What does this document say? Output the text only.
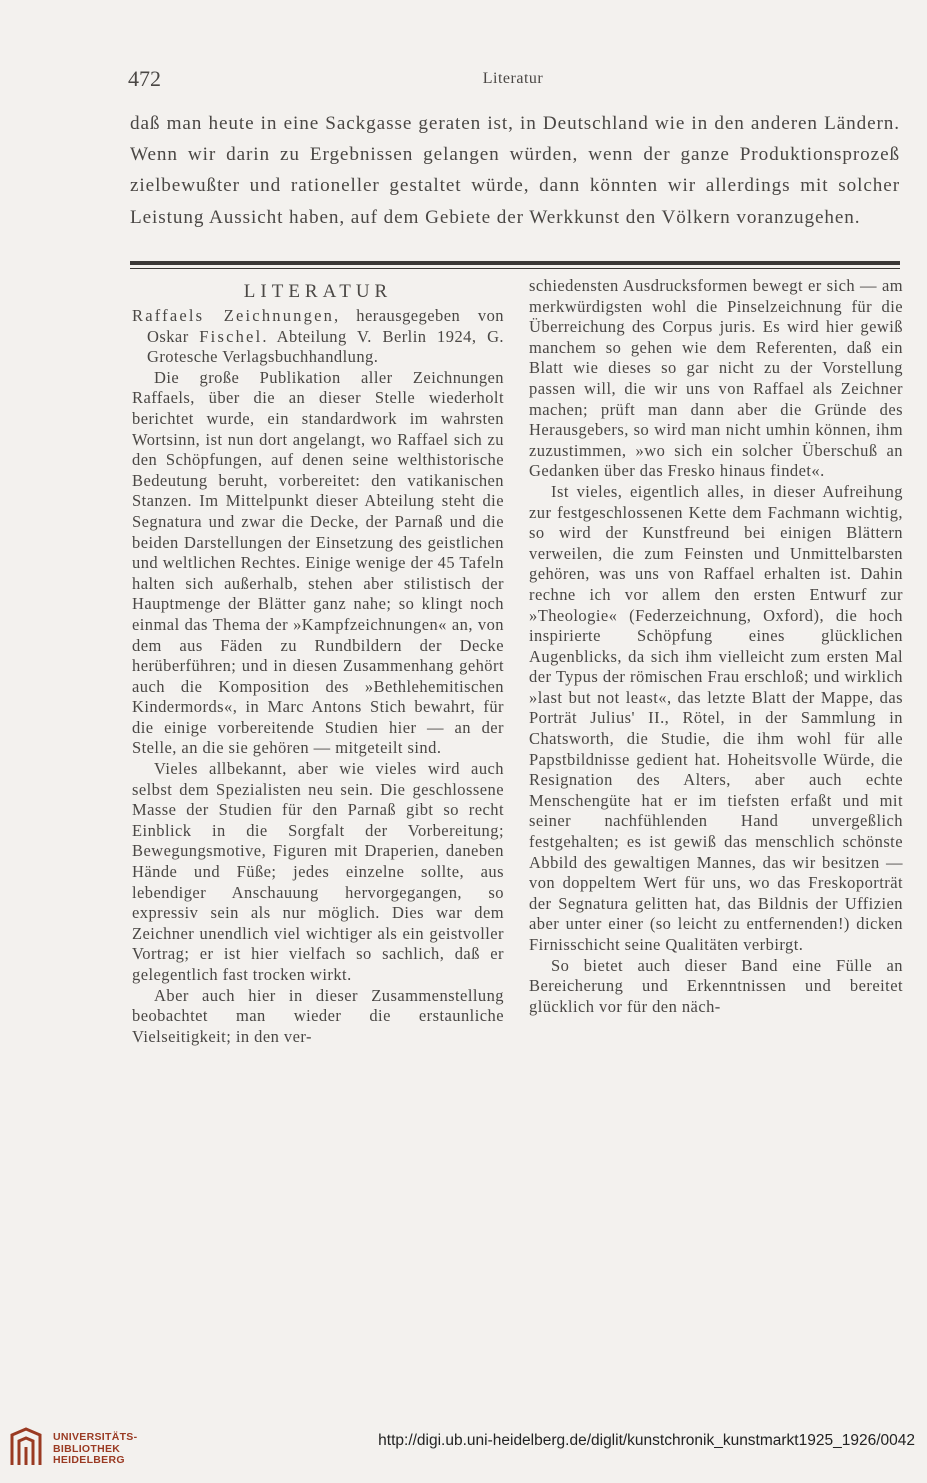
472	Literatur

daß man heute in eine Sackgasse geraten ist, in Deutschland wie in den anderen Ländern. Wenn wir darin zu Ergebnissen gelangen würden, wenn der ganze Produktionsprozeß zielbewußter und rationeller gestaltet würde, dann könnten wir allerdings mit solcher Leistung Aussicht haben, auf dem Gebiete der Werkkunst den Völkern voranzugehen.

LITERATUR

Raffaels Zeichnungen, herausgegeben von Oskar Fischel. Abteilung V. Berlin 1924, G. Grotesche Verlagsbuchhandlung.

Die große Publikation aller Zeichnungen Raffaels, über die an dieser Stelle wiederholt berichtet wurde, ein standardwork im wahrsten Wortsinn, ist nun dort angelangt, wo Raffael sich zu den Schöpfungen, auf denen seine welthistorische Bedeutung beruht, vorbereitet: den vatikanischen Stanzen. Im Mittelpunkt dieser Abteilung steht die Segnatura und zwar die Decke, der Parnaß und die beiden Darstellungen der Einsetzung des geistlichen und weltlichen Rechtes. Einige wenige der 45 Tafeln halten sich außerhalb, stehen aber stilistisch der Hauptmenge der Blätter ganz nahe; so klingt noch einmal das Thema der »Kampfzeichnungen« an, von dem aus Fäden zu Rundbildern der Decke herüberführen; und in diesen Zusammenhang gehört auch die Komposition des »Bethlehemitischen Kindermords«, in Marc Antons Stich bewahrt, für die einige vorbereitende Studien hier — an der Stelle, an die sie gehören — mitgeteilt sind.

Vieles allbekannt, aber wie vieles wird auch selbst dem Spezialisten neu sein. Die geschlossene Masse der Studien für den Parnaß gibt so recht Einblick in die Sorgfalt der Vorbereitung; Bewegungsmotive, Figuren mit Draperien, daneben Hände und Füße; jedes einzelne sollte, aus lebendiger Anschauung hervorgegangen, so expressiv sein als nur möglich. Dies war dem Zeichner unendlich viel wichtiger als ein geistvoller Vortrag; er ist hier vielfach so sachlich, daß er gelegentlich fast trocken wirkt.

Aber auch hier in dieser Zusammenstellung beobachtet man wieder die erstaunliche Vielseitigkeit; in den ver-

schiedensten Ausdrucksformen bewegt er sich — am merkwürdigsten wohl die Pinselzeichnung für die Überreichung des Corpus juris. Es wird hier gewiß manchem so gehen wie dem Referenten, daß ein Blatt wie dieses so gar nicht zu der Vorstellung passen will, die wir uns von Raffael als Zeichner machen; prüft man dann aber die Gründe des Herausgebers, so wird man nicht umhin können, ihm zuzustimmen, »wo sich ein solcher Überschuß an Gedanken über das Fresko hinaus findet«.

Ist vieles, eigentlich alles, in dieser Aufreihung zur festgeschlossenen Kette dem Fachmann wichtig, so wird der Kunstfreund bei einigen Blättern verweilen, die zum Feinsten und Unmittelbarsten gehören, was uns von Raffael erhalten ist. Dahin rechne ich vor allem den ersten Entwurf zur »Theologie« (Federzeichnung, Oxford), die hoch inspirierte Schöpfung eines glücklichen Augenblicks, da sich ihm vielleicht zum ersten Mal der Typus der römischen Frau erschloß; und wirklich »last but not least«, das letzte Blatt der Mappe, das Porträt Julius' II., Rötel, in der Sammlung in Chatsworth, die Studie, die ihm wohl für alle Papstbildnisse gedient hat. Hoheitsvolle Würde, die Resignation des Alters, aber auch echte Menschengüte hat er im tiefsten erfaßt und mit seiner nachfühlenden Hand unvergeßlich festgehalten; es ist gewiß das menschlich schönste Abbild des gewaltigen Mannes, das wir besitzen — von doppeltem Wert für uns, wo das Freskoporträt der Segnatura gelitten hat, das Bildnis der Uffizien aber unter einer (so leicht zu entfernenden!) dicken Firnisschicht seine Qualitäten verbirgt.

So bietet auch dieser Band eine Fülle an Bereicherung und Erkenntnissen und bereitet glücklich vor für den näch-

UNIVERSITÄTS-
BIBLIOTHEK
HEIDELBERG
http://digi.ub.uni-heidelberg.de/diglit/kunstchronik_kunstmarkt1925_1926/0042
